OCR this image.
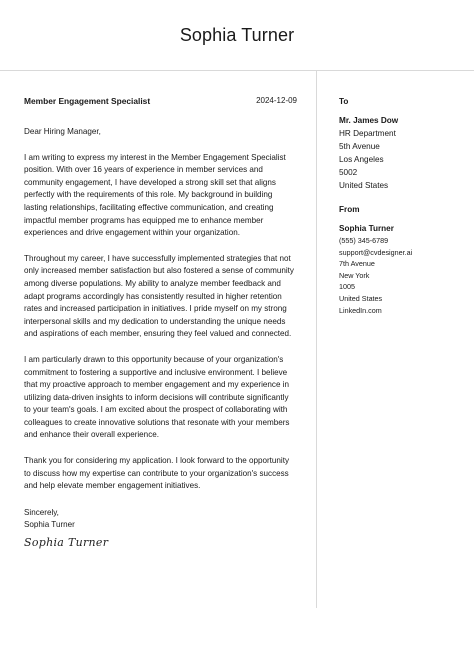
Sophia Turner
Member Engagement Specialist	2024-12-09

Dear Hiring Manager,

I am writing to express my interest in the Member Engagement Specialist position. With over 16 years of experience in member services and community engagement, I have developed a strong skill set that aligns perfectly with the requirements of this role. My background in building lasting relationships, facilitating effective communication, and creating impactful member programs has equipped me to enhance member experiences and drive engagement within your organization.

Throughout my career, I have successfully implemented strategies that not only increased member satisfaction but also fostered a sense of community among diverse populations. My ability to analyze member feedback and adapt programs accordingly has consistently resulted in higher retention rates and increased participation in initiatives. I pride myself on my strong interpersonal skills and my dedication to understanding the unique needs and aspirations of each member, ensuring they feel valued and connected.

I am particularly drawn to this opportunity because of your organization's commitment to fostering a supportive and inclusive environment. I believe that my proactive approach to member engagement and my experience in utilizing data-driven insights to inform decisions will contribute significantly to your team's goals. I am excited about the prospect of collaborating with colleagues to create innovative solutions that resonate with your members and enhance their overall experience.

Thank you for considering my application. I look forward to the opportunity to discuss how my expertise can contribute to your organization's success and help elevate member engagement initiatives.

Sincerely,

Sophia Turner

Sophia Turner
To
Mr. James Dow
HR Department
5th Avenue
Los Angeles
5002
United States
From
Sophia Turner
(555) 345-6789
support@cvdesigner.ai
7th Avenue
New York
1005
United States
LinkedIn.com
